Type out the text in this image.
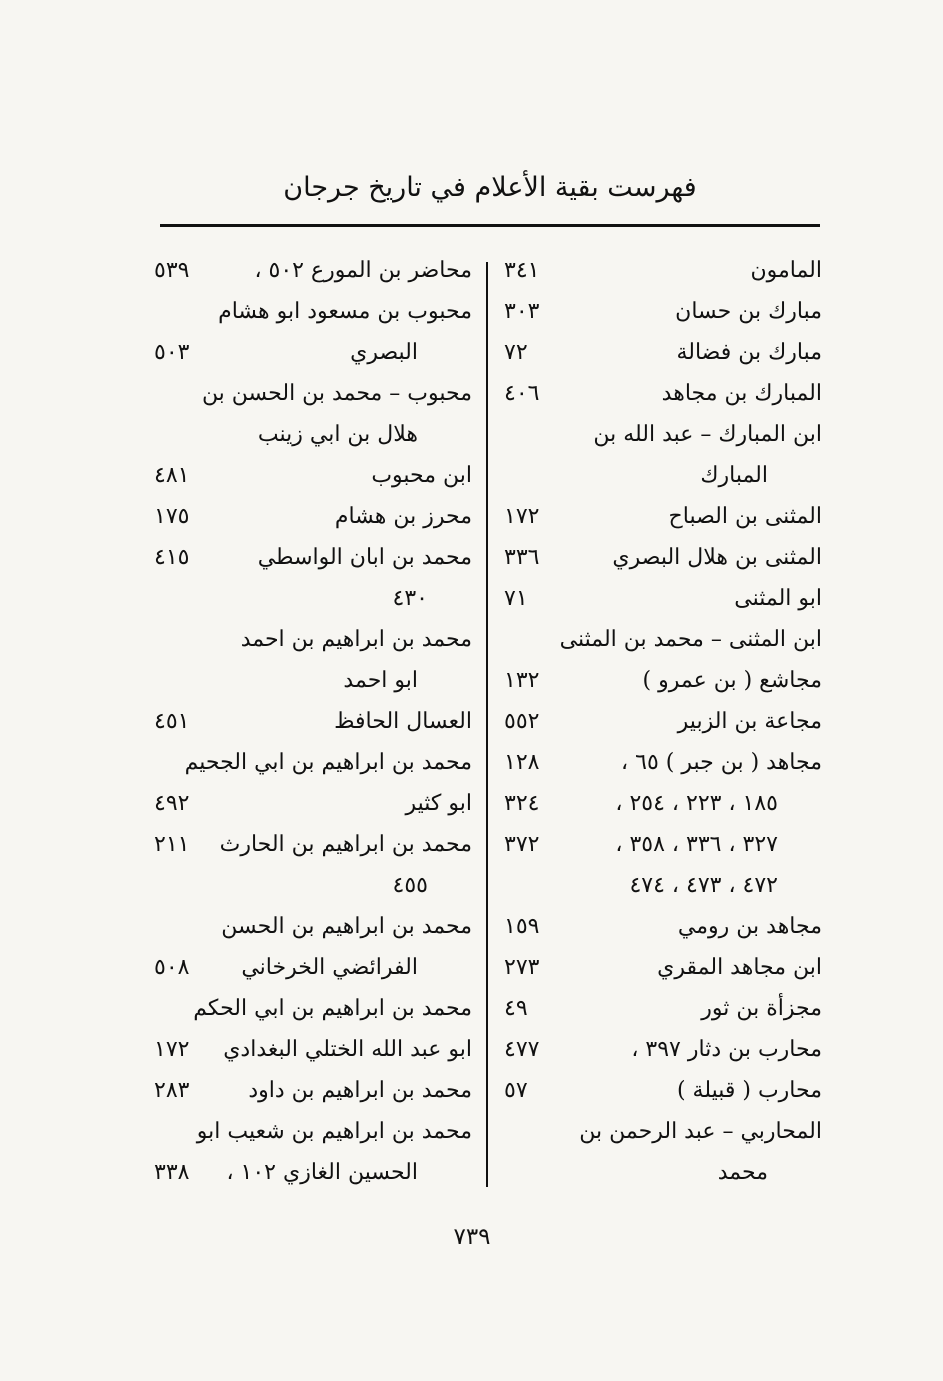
فهرست بقية الأعلام في تاريخ جرجان
المامون
٣٤١
مبارك بن حسان
٣٠٣
مبارك بن فضالة
٧٢
المبارك بن مجاهد
٤٠٦
ابن المبارك – عبد الله بن
المبارك
المثنى بن الصباح
١٧٢
المثنى بن هلال البصري
٣٣٦
ابو المثنى
٧١
ابن المثنى – محمد بن المثنى
مجاشع ( بن عمرو )
١٣٢
مجاعة بن الزبير
٥٥٢
مجاهد ( بن جبر ) ٦٥ ،
١٢٨
١٨٥ ، ٢٢٣ ، ٢٥٤ ،
٣٢٤
٣٢٧ ، ٣٣٦ ، ٣٥٨ ،
٣٧٢
٤٧٢ ، ٤٧٣ ، ٤٧٤
مجاهد بن رومي
١٥٩
ابن مجاهد المقري
٢٧٣
مجزأة بن ثور
٤٩
محارب بن دثار ٣٩٧ ،
٤٧٧
محارب ( قبيلة )
٥٧
المحاربي – عبد الرحمن بن
محمد
محاضر بن المورع ٥٠٢ ،
٥٣٩
محبوب بن مسعود ابو هشام
البصري
٥٠٣
محبوب – محمد بن الحسن بن
هلال بن ابي زينب
ابن محبوب
٤٨١
محرز بن هشام
١٧٥
محمد بن ابان الواسطي
٤١٥
٤٣٠
محمد بن ابراهيم بن احمد
ابو احمد
العسال الحافظ
٤٥١
محمد بن ابراهيم بن ابي الجحيم
ابو كثير
٤٩٢
محمد بن ابراهيم بن الحارث
٢١١
٤٥٥
محمد بن ابراهيم بن الحسن
الفرائضي الخرخاني
٥٠٨
محمد بن ابراهيم بن ابي الحكم
ابو عبد الله الختلي البغدادي
١٧٢
محمد بن ابراهيم بن داود
٢٨٣
محمد بن ابراهيم بن شعيب ابو
الحسين الغازي ١٠٢ ،
٣٣٨
٧٣٩
